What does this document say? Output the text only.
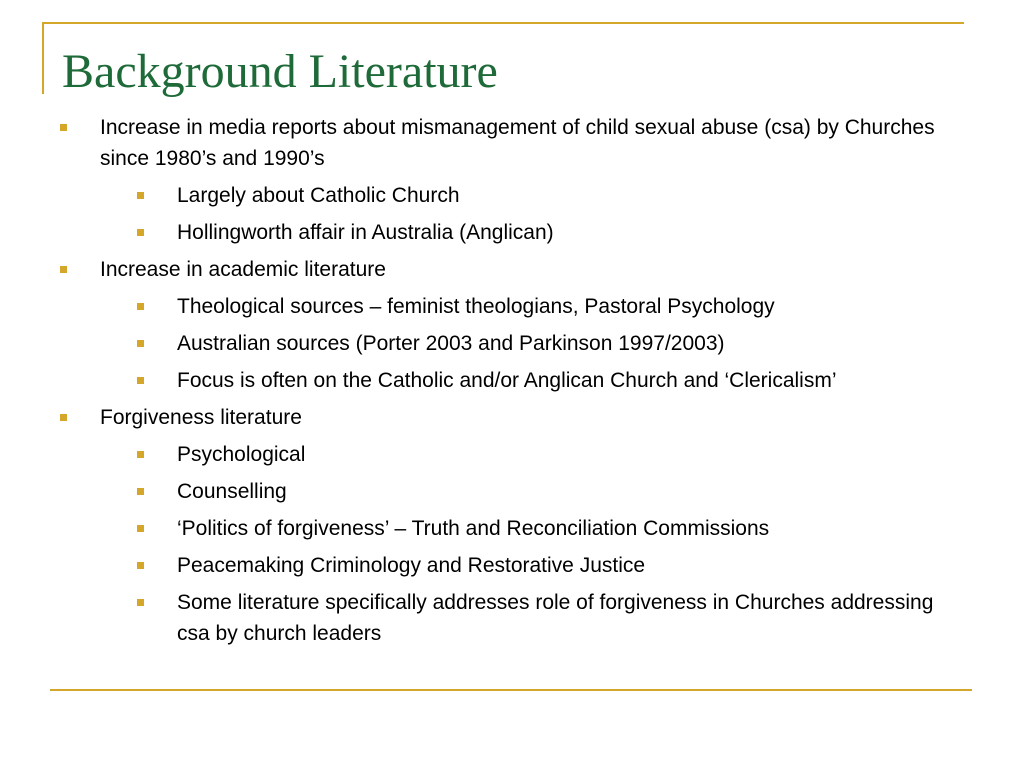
Background Literature
Increase in media reports about mismanagement of child sexual abuse (csa) by Churches since 1980’s and 1990’s
Largely about Catholic Church
Hollingworth affair in Australia (Anglican)
Increase in academic literature
Theological sources – feminist theologians, Pastoral Psychology
Australian sources (Porter 2003 and Parkinson 1997/2003)
Focus is often on the Catholic and/or Anglican Church and ‘Clericalism’
Forgiveness literature
Psychological
Counselling
‘Politics of forgiveness’ – Truth and Reconciliation Commissions
Peacemaking Criminology and Restorative Justice
Some literature specifically addresses role of forgiveness in Churches addressing csa by church leaders
